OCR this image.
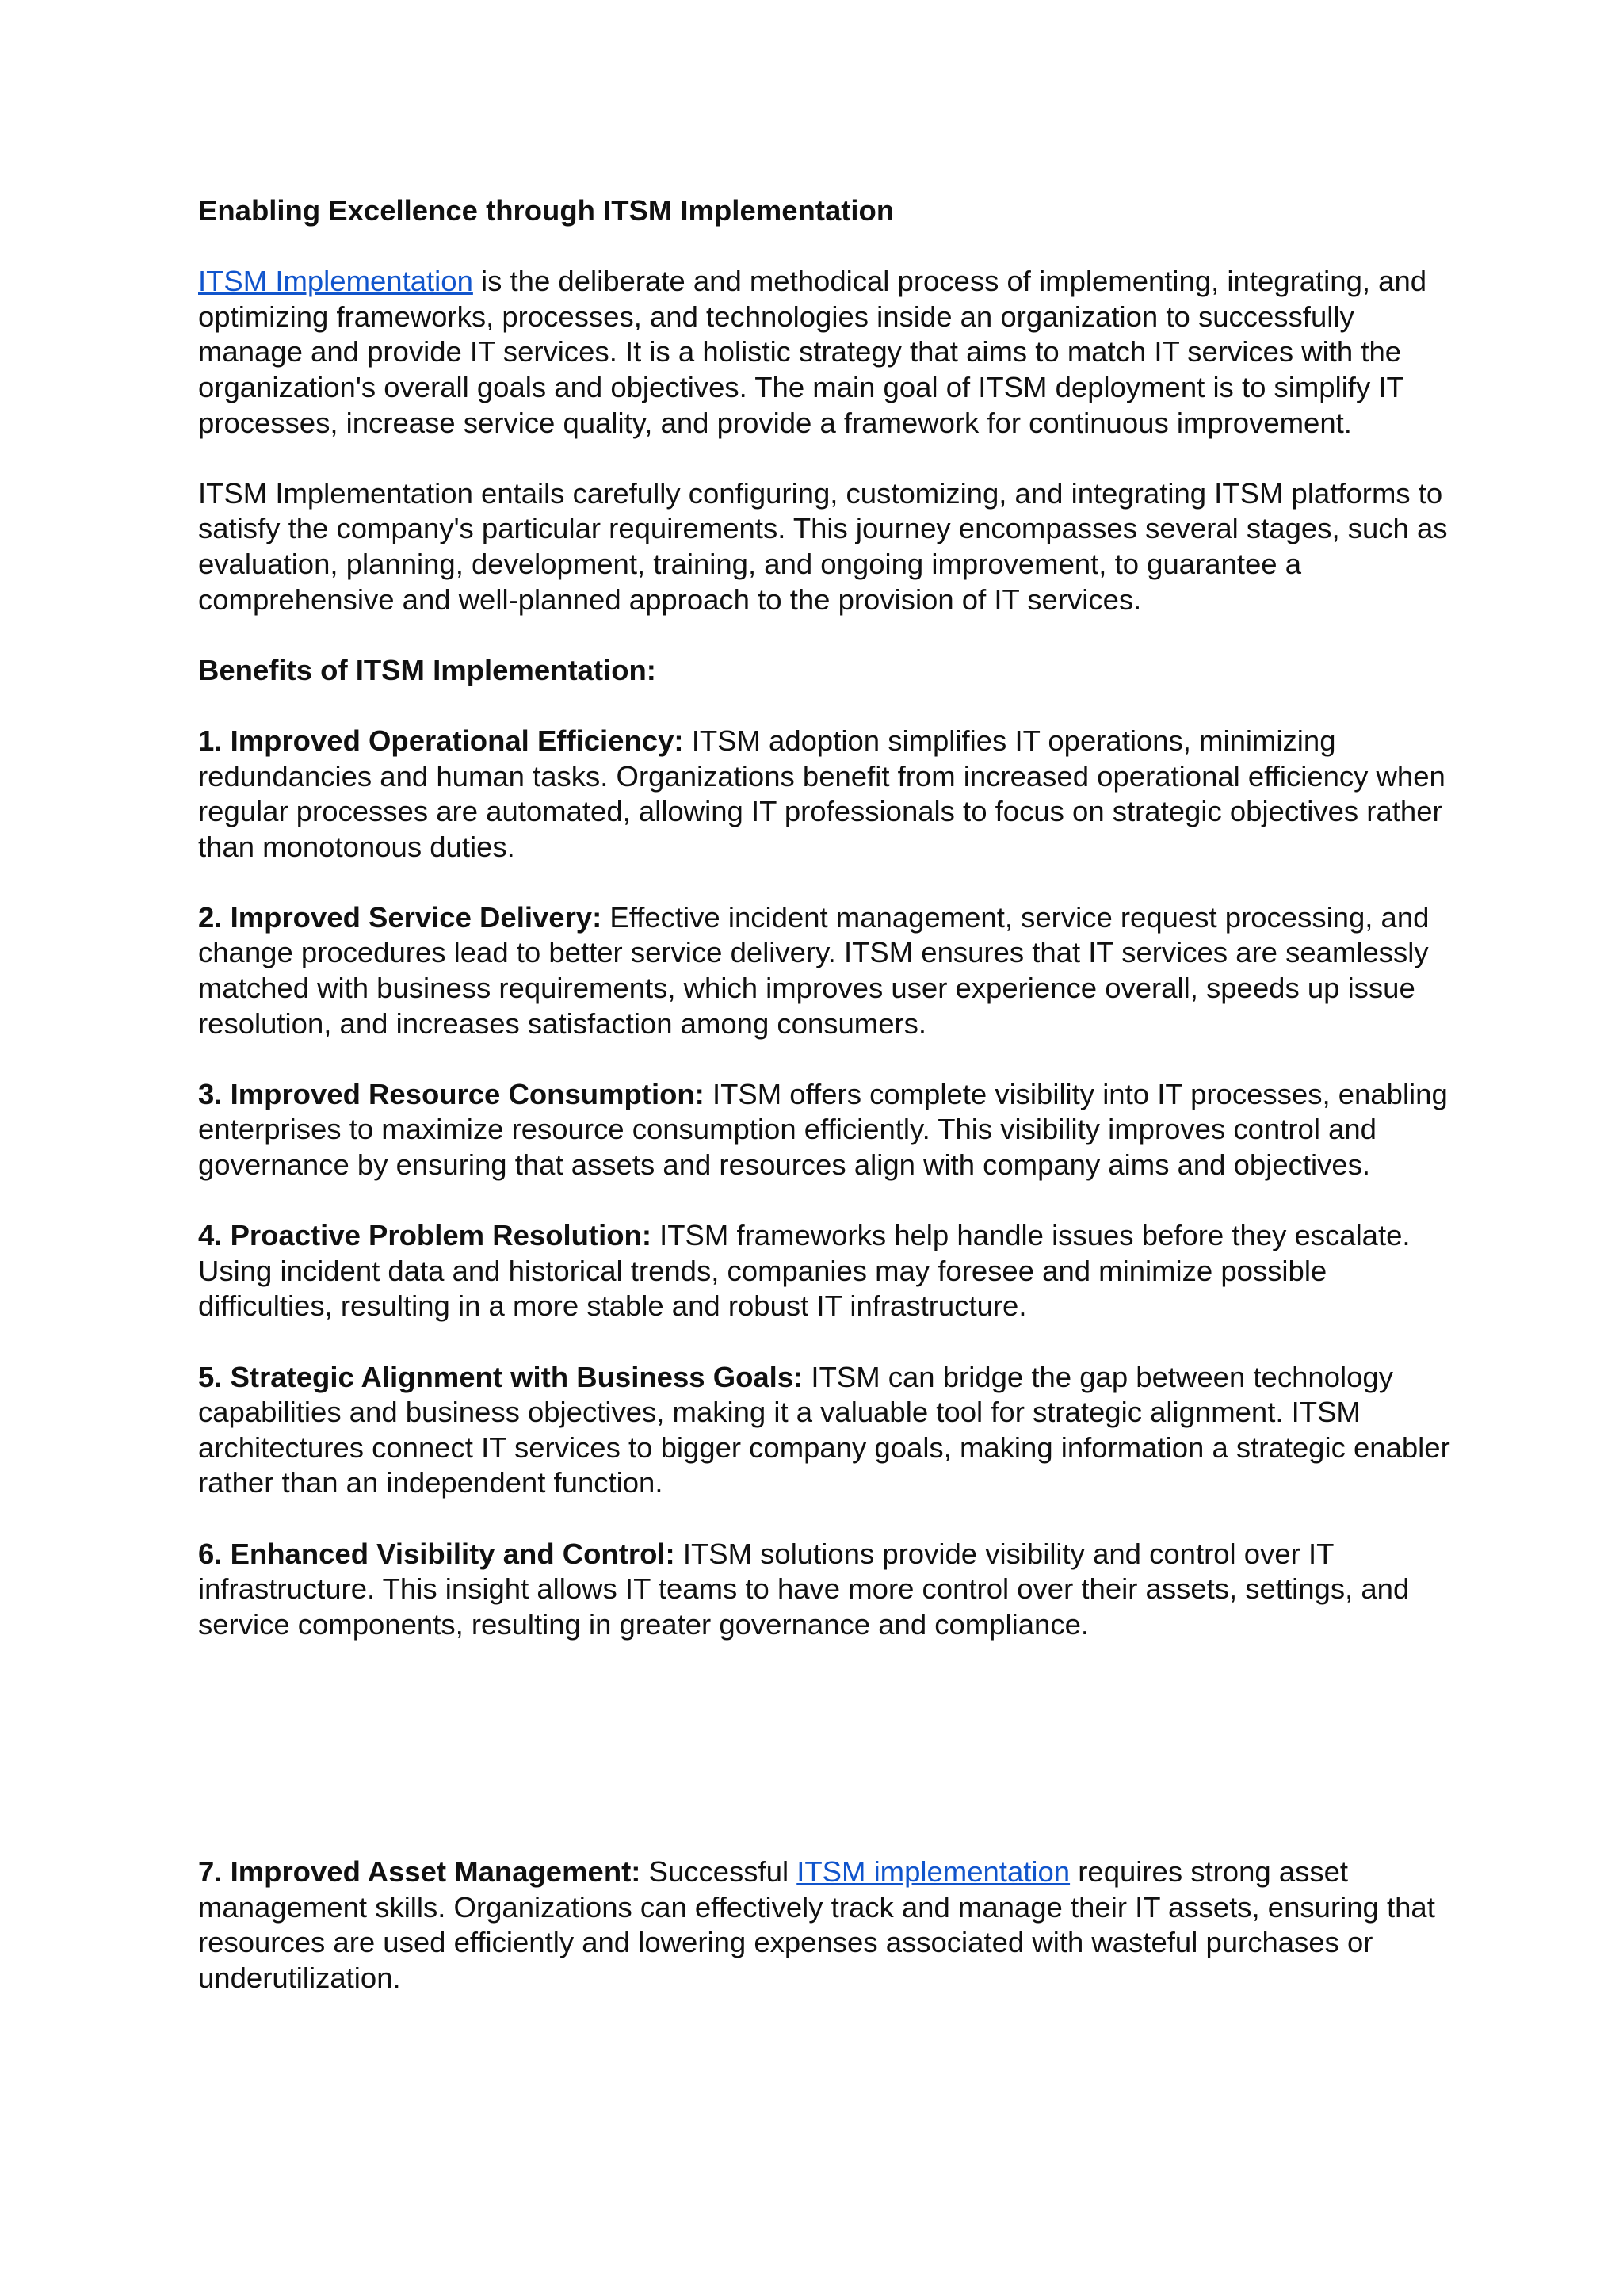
Enabling Excellence through ITSM Implementation

ITSM Implementation is the deliberate and methodical process of implementing, integrating, and optimizing frameworks, processes, and technologies inside an organization to successfully manage and provide IT services. It is a holistic strategy that aims to match IT services with the organization's overall goals and objectives. The main goal of ITSM deployment is to simplify IT processes, increase service quality, and provide a framework for continuous improvement.

ITSM Implementation entails carefully configuring, customizing, and integrating ITSM platforms to satisfy the company's particular requirements. This journey encompasses several stages, such as evaluation, planning, development, training, and ongoing improvement, to guarantee a comprehensive and well-planned approach to the provision of IT services.

Benefits of ITSM Implementation:

1. Improved Operational Efficiency: ITSM adoption simplifies IT operations, minimizing redundancies and human tasks. Organizations benefit from increased operational efficiency when regular processes are automated, allowing IT professionals to focus on strategic objectives rather than monotonous duties.

2. Improved Service Delivery: Effective incident management, service request processing, and change procedures lead to better service delivery. ITSM ensures that IT services are seamlessly matched with business requirements, which improves user experience overall, speeds up issue resolution, and increases satisfaction among consumers.

3. Improved Resource Consumption: ITSM offers complete visibility into IT processes, enabling enterprises to maximize resource consumption efficiently. This visibility improves control and governance by ensuring that assets and resources align with company aims and objectives.

4. Proactive Problem Resolution: ITSM frameworks help handle issues before they escalate. Using incident data and historical trends, companies may foresee and minimize possible difficulties, resulting in a more stable and robust IT infrastructure.

5. Strategic Alignment with Business Goals: ITSM can bridge the gap between technology capabilities and business objectives, making it a valuable tool for strategic alignment. ITSM architectures connect IT services to bigger company goals, making information a strategic enabler rather than an independent function.

6. Enhanced Visibility and Control: ITSM solutions provide visibility and control over IT infrastructure. This insight allows IT teams to have more control over their assets, settings, and service components, resulting in greater governance and compliance.

7. Improved Asset Management: Successful ITSM implementation requires strong asset management skills. Organizations can effectively track and manage their IT assets, ensuring that resources are used efficiently and lowering expenses associated with wasteful purchases or underutilization.
